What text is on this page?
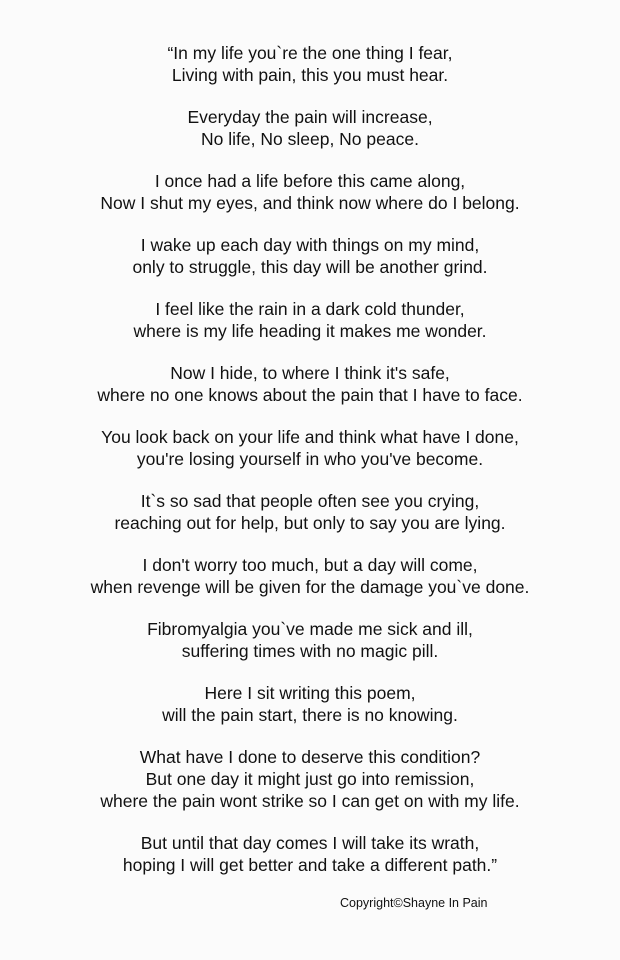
“In my life you`re the one thing I fear,
Living with pain, this you must hear.
Everyday the pain will increase,
No life, No sleep, No peace.
I once had a life before this came along,
Now I shut my eyes, and think now where do I belong.
I wake up each day with things on my mind,
only to struggle, this day will be another grind.
I feel like the rain in a dark cold thunder,
where is my life heading it makes me wonder.
Now I hide, to where I think it's safe,
where no one knows about the pain that I have to face.
You look back on your life and think what have I done,
you're losing yourself in who you've become.
It`s so sad that people often see you crying,
reaching out for help, but only to say you are lying.
I don't worry too much, but a day will come,
when revenge will be given for the damage you`ve done.
Fibromyalgia you`ve made me sick and ill,
suffering times with no magic pill.
Here I sit writing this poem,
will the pain start, there is no knowing.
What have I done to deserve this condition?
But one day it might just go into remission,
where the pain wont strike so I can get on with my life.
But until that day comes I will take its wrath,
hoping I will get better and take a different path.”
Copyright©Shayne In Pain
